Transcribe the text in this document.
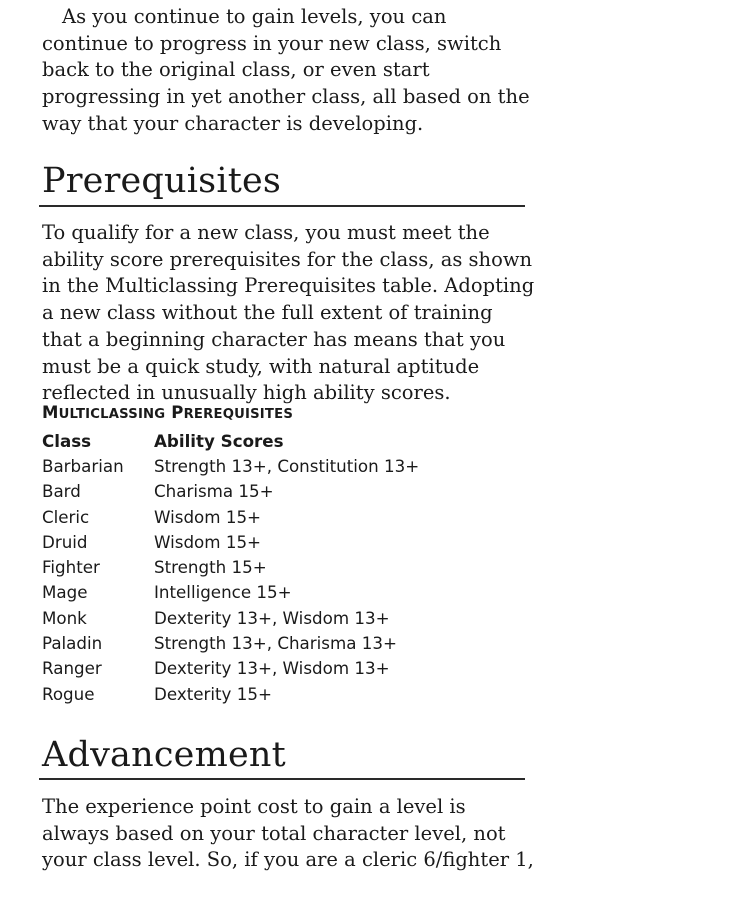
As you continue to gain levels, you can
continue to progress in your new class, switch
back to the original class, or even start
progressing in yet another class, all based on the
way that your character is developing.
Prerequisites
To qualify for a new class, you must meet the
ability score prerequisites for the class, as shown
in the Multiclassing Prerequisites table. Adopting
a new class without the full extent of training
that a beginning character has means that you
must be a quick study, with natural aptitude
reflected in unusually high ability scores.
MULTICLASSING PREREQUISITES
Class	Ability Scores
Barbarian	Strength 13+, Constitution 13+
Bard	Charisma 15+
Cleric	Wisdom 15+
Druid	Wisdom 15+
Fighter	Strength 15+
Mage	Intelligence 15+
Monk	Dexterity 13+, Wisdom 13+
Paladin	Strength 13+, Charisma 13+
Ranger	Dexterity 13+, Wisdom 13+
Rogue	Dexterity 15+
Advancement
The experience point cost to gain a level is
always based on your total character level, not
your class level. So, if you are a cleric 6/fighter 1,
